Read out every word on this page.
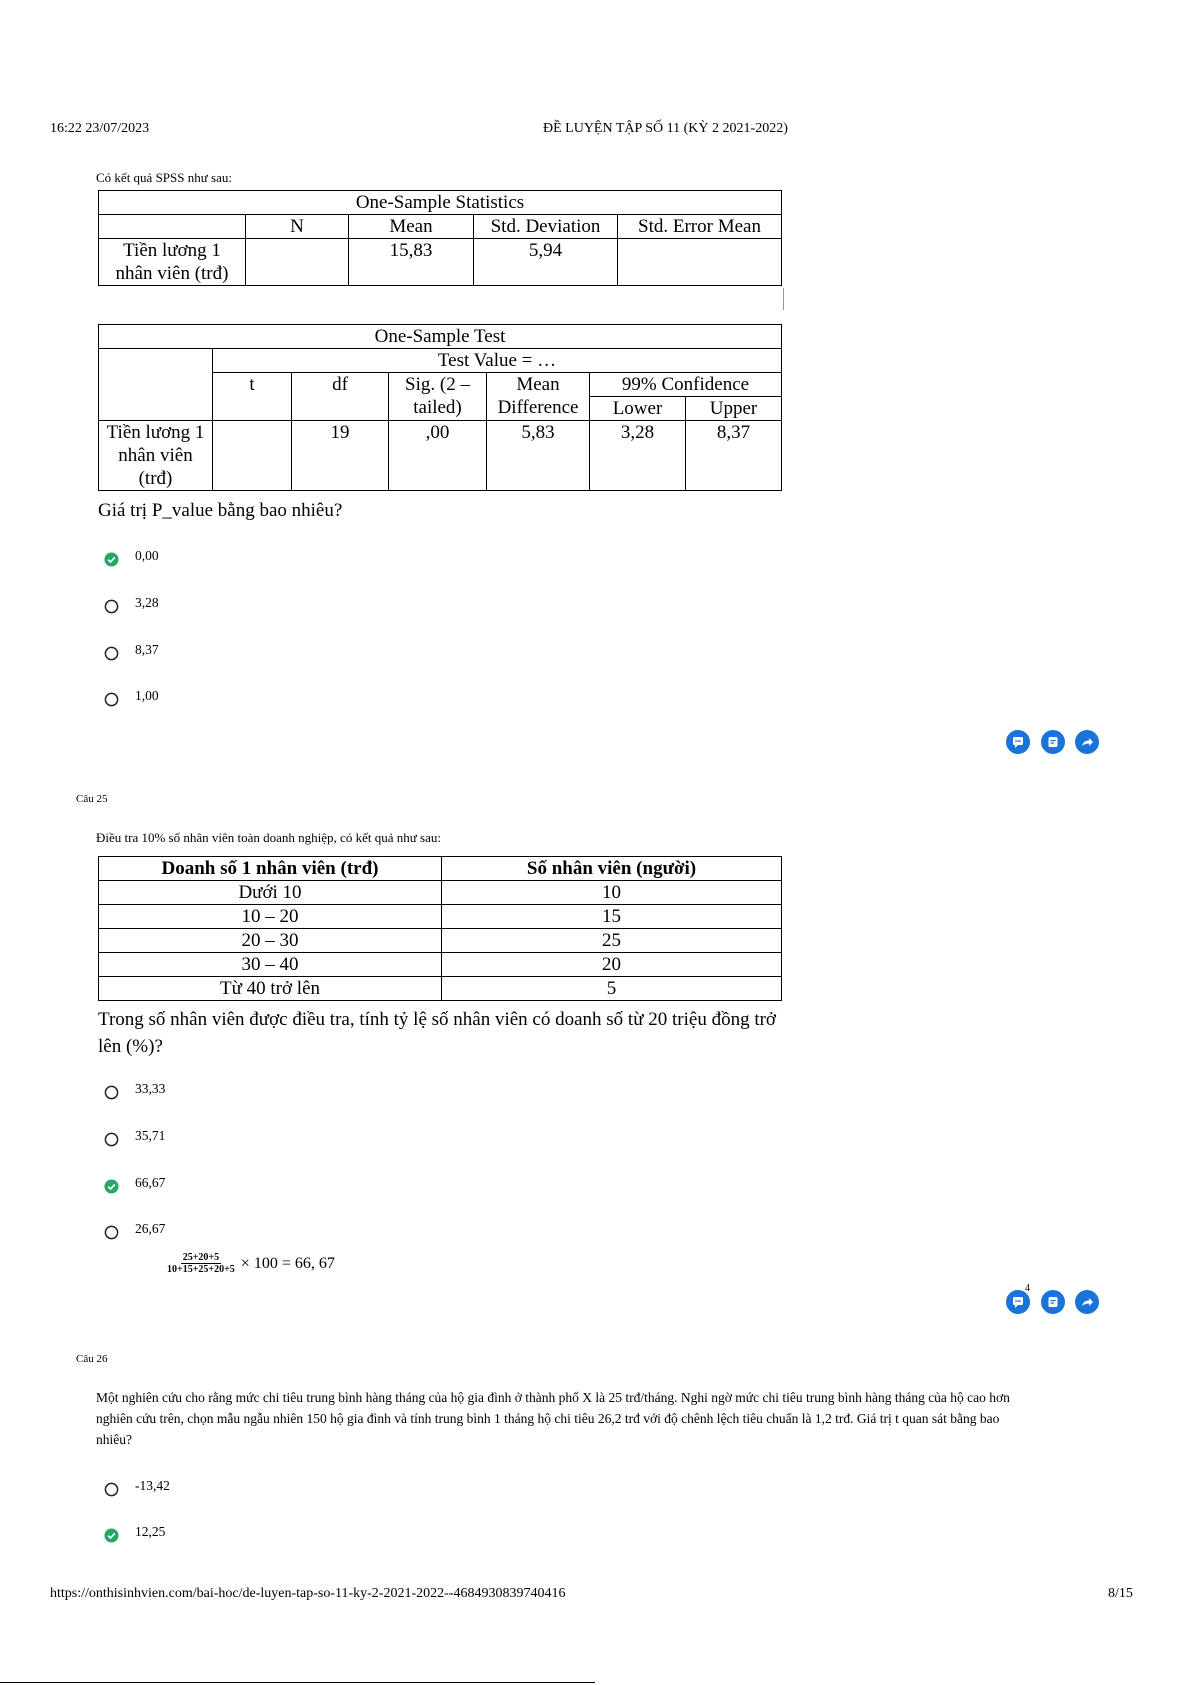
16:22 23/07/2023	ĐỀ LUYỆN TẬP SỐ 11 (KỲ 2 2021-2022)
Có kết quả SPSS như sau:
One-Sample Statistics				
	N	Mean	Std. Deviation	Std. Error Mean
Tiền lương 1 nhân viên (trđ)		15,83	5,94	
One-Sample Test						
	Test Value = …					
	t	df	Sig. (2 – tailed)	Mean Difference	99% Confidence	
					Lower	Upper
Tiền lương 1 nhân viên (trđ)		19	,00	5,83	3,28	8,37
Giá trị P_value bằng bao nhiêu?
0,00
3,28
8,37
1,00
Câu 25
Điều tra 10% số nhân viên toàn doanh nghiệp, có kết quả như sau:
Doanh số 1 nhân viên (trđ)	Số nhân viên (người)
Dưới 10	10
10 – 20	15
20 – 30	25
30 – 40	20
Từ 40 trở lên	5
Trong số nhân viên được điều tra, tính tỷ lệ số nhân viên có doanh số từ 20 triệu đồng trở lên (%)?
33,33
35,71
66,67
26,67
$\frac{25+20+5}{10+15+25+20+5} \times 100 = 66$, 67
4
Câu 26
Một nghiên cứu cho rằng mức chi tiêu trung bình hàng tháng của hộ gia đình ở thành phố X là 25 trđ/tháng. Nghi ngờ mức chi tiêu trung bình hàng tháng của hộ cao hơn nghiên cứu trên, chọn mẫu ngẫu nhiên 150 hộ gia đình và tính trung bình 1 tháng hộ chi tiêu 26,2 trđ với độ chênh lệch tiêu chuẩn là 1,2 trđ. Giá trị t quan sát bằng bao nhiêu?
-13,42
12,25
https://onthisinhvien.com/bai-hoc/de-luyen-tap-so-11-ky-2-2021-2022--4684930839740416	8/15
